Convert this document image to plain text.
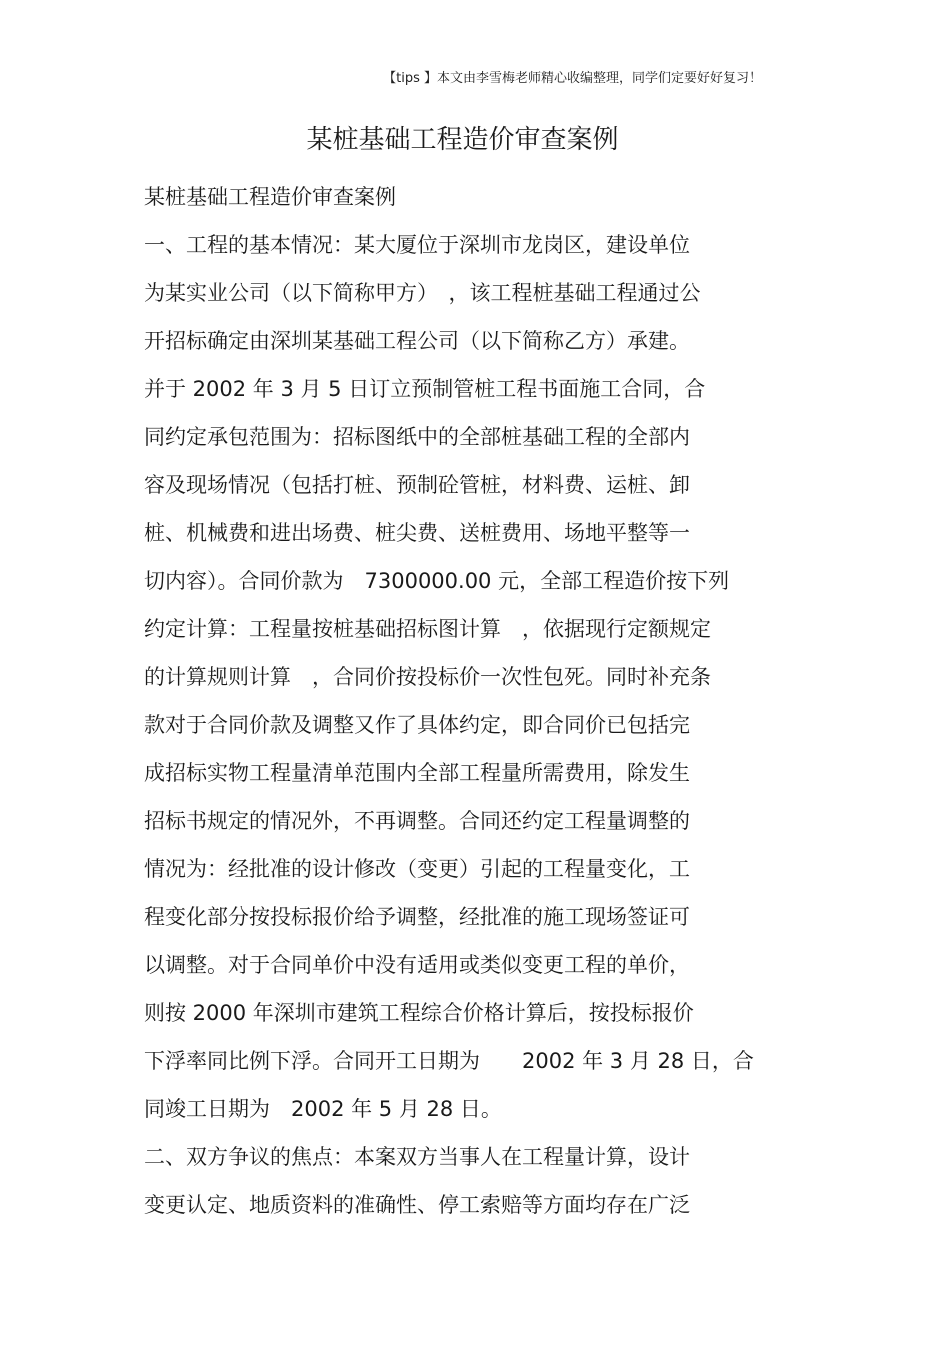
【tips 】本文由李雪梅老师精心收编整理，同学们定要好好复习！
某桩基础工程造价审查案例
某桩基础工程造价审查案例
一、工程的基本情况：某大厦位于深圳市龙岗区，建设单位
为某实业公司（以下简称甲方）　，该工程桩基础工程通过公
开招标确定由深圳某基础工程公司（以下简称乙方）承建。
并于 2002 年 3 月 5 日订立预制管桩工程书面施工合同，合
同约定承包范围为：招标图纸中的全部桩基础工程的全部内
容及现场情况（包括打桩、预制砼管桩，材料费、运桩、卸
桩、机械费和进出场费、桩尖费、送桩费用、场地平整等一
切内容）。合同价款为　7300000.00 元，全部工程造价按下列
约定计算：工程量按桩基础招标图计算　，依据现行定额规定
的计算规则计算　，合同价按投标价一次性包死。同时补充条
款对于合同价款及调整又作了具体约定，即合同价已包括完
成招标实物工程量清单范围内全部工程量所需费用，除发生
招标书规定的情况外，不再调整。合同还约定工程量调整的
情况为：经批准的设计修改（变更）引起的工程量变化，工
程变化部分按投标报价给予调整，经批准的施工现场签证可
以调整。对于合同单价中没有适用或类似变更工程的单价，
则按 2000 年深圳市建筑工程综合价格计算后，按投标报价
下浮率同比例下浮。合同开工日期为　　2002 年 3 月 28 日，合
同竣工日期为　2002 年 5 月 28 日。
二、双方争议的焦点：本案双方当事人在工程量计算，设计
变更认定、地质资料的准确性、停工索赔等方面均存在广泛
